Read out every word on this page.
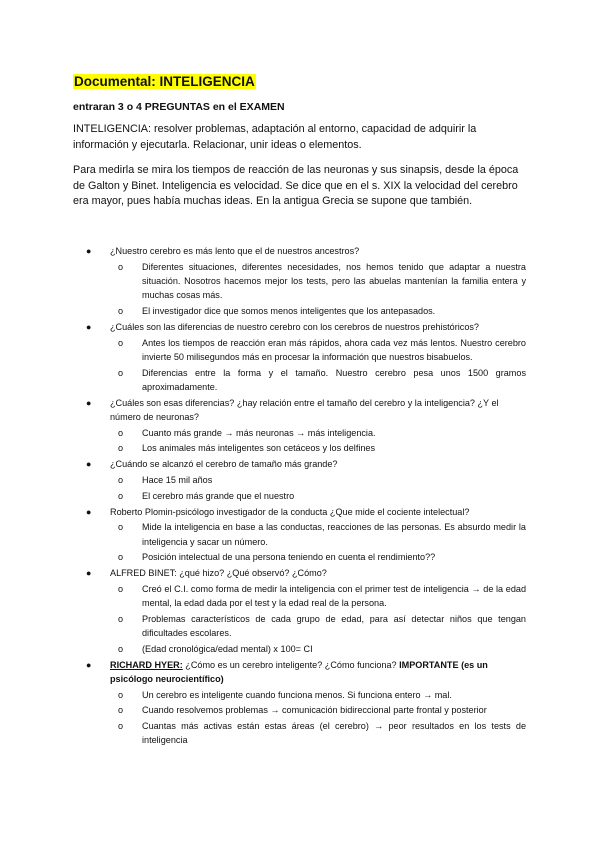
Documental: INTELIGENCIA
entraran 3 o 4 PREGUNTAS en el EXAMEN

INTELIGENCIA: resolver problemas, adaptación al entorno, capacidad de adquirir la información y ejecutarla. Relacionar, unir ideas o elementos.

Para medirla se mira los tiempos de reacción de las neuronas y sus sinapsis, desde la época de Galton y Binet. Inteligencia es velocidad. Se dice que en el s. XIX la velocidad del cerebro era mayor, pues había muchas ideas. En la antigua Grecia se supone que también.

● ¿Nuestro cerebro es más lento que el de nuestros ancestros?
o Diferentes situaciones, diferentes necesidades, nos hemos tenido que adaptar a nuestra situación. Nosotros hacemos mejor los tests, pero las abuelas mantenían la familia entera y muchas cosas más.
o El investigador dice que somos menos inteligentes que los antepasados.
● ¿Cuáles son las diferencias de nuestro cerebro con los cerebros de nuestros prehistóricos?
o Antes los tiempos de reacción eran más rápidos, ahora cada vez más lentos. Nuestro cerebro invierte 50 milisegundos más en procesar la información que nuestros bisabuelos.
o Diferencias entre la forma y el tamaño. Nuestro cerebro pesa unos 1500 gramos aproximadamente.
● ¿Cuáles son esas diferencias? ¿hay relación entre el tamaño del cerebro y la inteligencia? ¿Y el número de neuronas?
o Cuanto más grande → más neuronas → más inteligencia.
o Los animales más inteligentes son cetáceos y los delfines
● ¿Cuándo se alcanzó el cerebro de tamaño más grande?
o Hace 15 mil años
o El cerebro más grande que el nuestro
● Roberto Plomin-psicólogo investigador de la conducta ¿Que mide el cociente intelectual?
o Mide la inteligencia en base a las conductas, reacciones de las personas. Es absurdo medir la inteligencia y sacar un número.
o Posición intelectual de una persona teniendo en cuenta el rendimiento??
● ALFRED BINET: ¿qué hizo? ¿Qué observó? ¿Cómo?
o Creó el C.I. como forma de medir la inteligencia con el primer test de inteligencia → de la edad mental, la edad dada por el test y la edad real de la persona.
o Problemas característicos de cada grupo de edad, para así detectar niños que tengan dificultades escolares.
o (Edad cronológica/edad mental) x 100= CI
● RICHARD HYER: ¿Cómo es un cerebro inteligente? ¿Cómo funciona? IMPORTANTE (es un psicólogo neurocientífico)
o Un cerebro es inteligente cuando funciona menos. Si funciona entero → mal.
o Cuando resolvemos problemas → comunicación bidireccional parte frontal y posterior
o Cuantas más activas están estas áreas (el cerebro) → peor resultados en los tests de inteligencia
